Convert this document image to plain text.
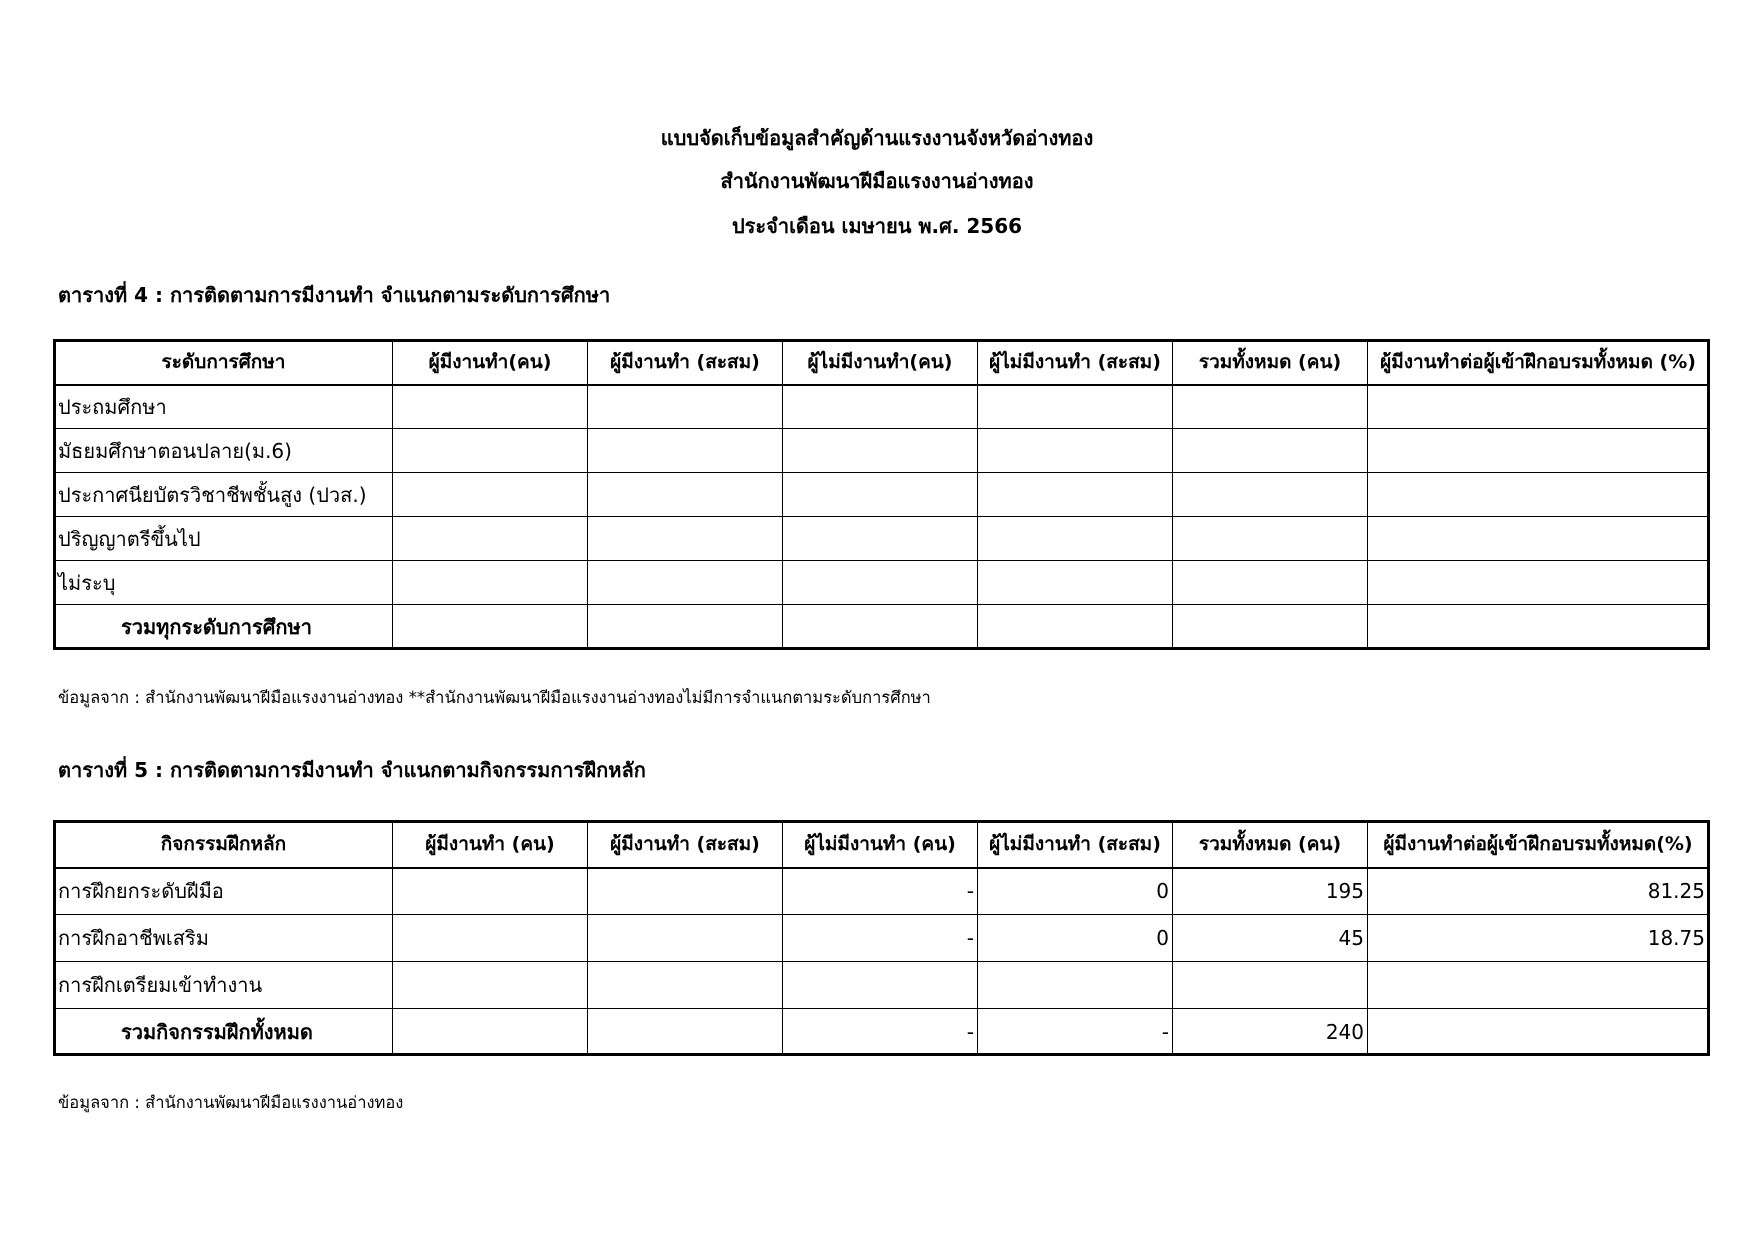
แบบจัดเก็บข้อมูลสำคัญด้านแรงงานจังหวัดอ่างทอง
สำนักงานพัฒนาฝีมือแรงงานอ่างทอง
ประจำเดือน เมษายน พ.ศ. 2566
ตารางที่ 4 : การติดตามการมีงานทำ จำแนกตามระดับการศึกษา
ระดับการศึกษา	ผู้มีงานทำ(คน)	ผู้มีงานทำ (สะสม)	ผู้ไม่มีงานทำ(คน)	ผู้ไม่มีงานทำ (สะสม)	รวมทั้งหมด (คน)	ผู้มีงานทำต่อผู้เข้าฝึกอบรมทั้งหมด (%)
ประถมศึกษา						
มัธยมศึกษาตอนปลาย(ม.6)						
ประกาศนียบัตรวิชาชีพชั้นสูง (ปวส.)						
ปริญญาตรีขึ้นไป						
ไม่ระบุ						
รวมทุกระดับการศึกษา						
ข้อมูลจาก : สำนักงานพัฒนาฝีมือแรงงานอ่างทอง **สำนักงานพัฒนาฝีมือแรงงานอ่างทองไม่มีการจำแนกตามระดับการศึกษา
ตารางที่ 5 : การติดตามการมีงานทำ จำแนกตามกิจกรรมการฝึกหลัก
กิจกรรมฝึกหลัก	ผู้มีงานทำ (คน)	ผู้มีงานทำ (สะสม)	ผู้ไม่มีงานทำ (คน)	ผู้ไม่มีงานทำ (สะสม)	รวมทั้งหมด (คน)	ผู้มีงานทำต่อผู้เข้าฝึกอบรมทั้งหมด(%)
การฝึกยกระดับฝีมือ			-	0	195	81.25
การฝึกอาชีพเสริม			-	0	45	18.75
การฝึกเตรียมเข้าทำงาน						
รวมกิจกรรมฝึกทั้งหมด			-	-	240	
ข้อมูลจาก : สำนักงานพัฒนาฝีมือแรงงานอ่างทอง
